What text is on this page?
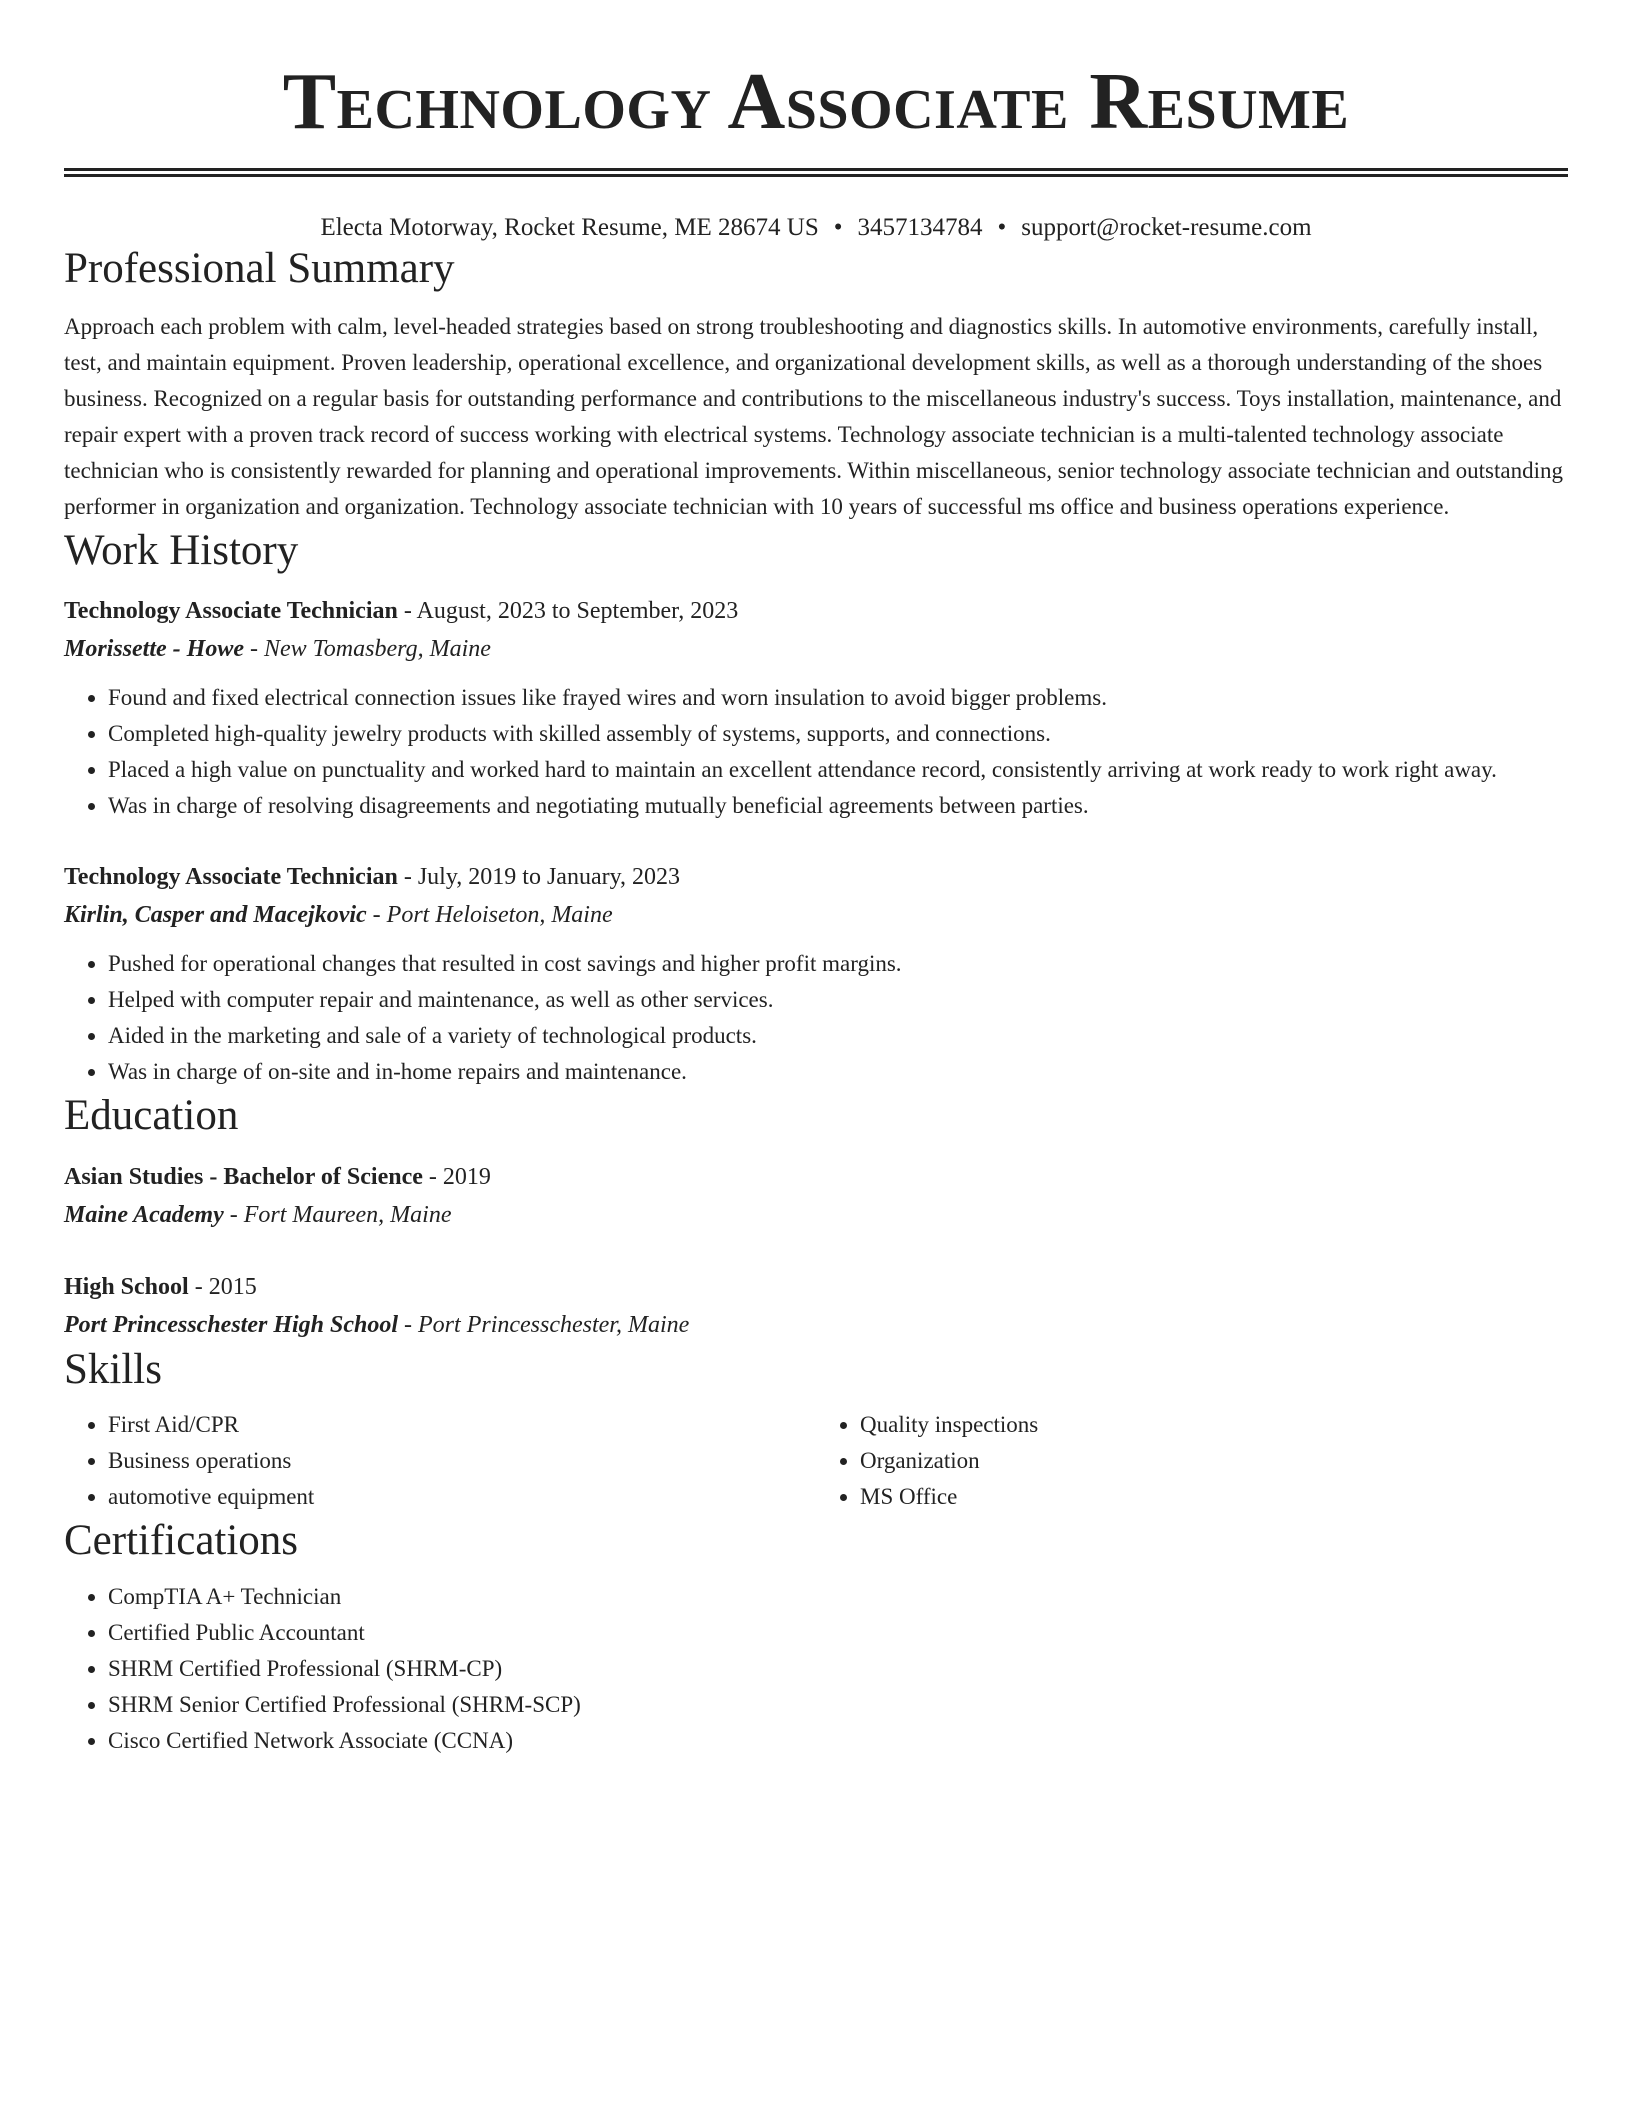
Technology Associate Resume
Electa Motorway, Rocket Resume, ME 28674 US • 3457134784 • support@rocket-resume.com
Professional Summary

Approach each problem with calm, level-headed strategies based on strong troubleshooting and diagnostics skills. In automotive environments, carefully install, test, and maintain equipment. Proven leadership, operational excellence, and organizational development skills, as well as a thorough understanding of the shoes business. Recognized on a regular basis for outstanding performance and contributions to the miscellaneous industry's success. Toys installation, maintenance, and repair expert with a proven track record of success working with electrical systems. Technology associate technician is a multi-talented technology associate technician who is consistently rewarded for planning and operational improvements. Within miscellaneous, senior technology associate technician and outstanding performer in organization and organization. Technology associate technician with 10 years of successful ms office and business operations experience.

Work History

Technology Associate Technician - August, 2023 to September, 2023

Morissette - Howe - New Tomasberg, Maine

• Found and fixed electrical connection issues like frayed wires and worn insulation to avoid bigger problems.
• Completed high-quality jewelry products with skilled assembly of systems, supports, and connections.
• Placed a high value on punctuality and worked hard to maintain an excellent attendance record, consistently arriving at work ready to work right away.
• Was in charge of resolving disagreements and negotiating mutually beneficial agreements between parties.

Technology Associate Technician - July, 2019 to January, 2023

Kirlin, Casper and Macejkovic - Port Heloiseton, Maine

• Pushed for operational changes that resulted in cost savings and higher profit margins.
• Helped with computer repair and maintenance, as well as other services.
• Aided in the marketing and sale of a variety of technological products.
• Was in charge of on-site and in-home repairs and maintenance.
Education

Asian Studies - Bachelor of Science - 2019

Maine Academy - Fort Maureen, Maine

High School - 2015

Port Princesschester High School - Port Princesschester, Maine

Skills
• First Aid/CPR
• Business operations
• automotive equipment
• Quality inspections
• Organization
• MS Office
Certifications
• CompTIA A+ Technician
• Certified Public Accountant
• SHRM Certified Professional (SHRM-CP)
• SHRM Senior Certified Professional (SHRM-SCP)
• Cisco Certified Network Associate (CCNA)
